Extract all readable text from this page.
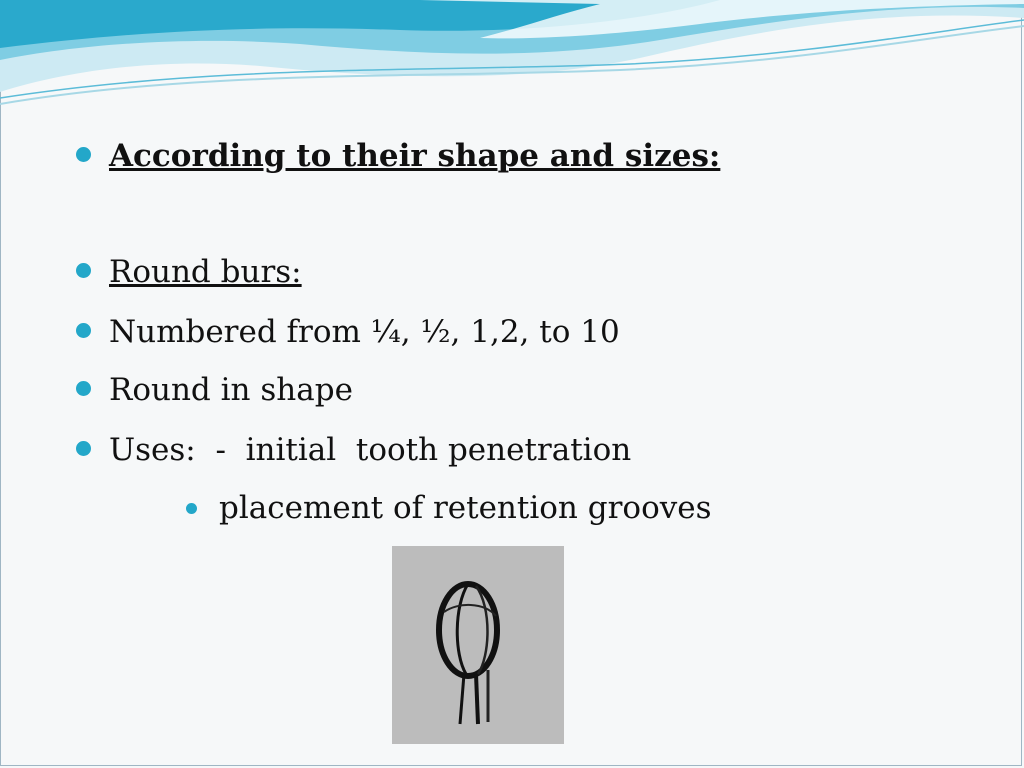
According to their shape and sizes:
Round burs:
Numbered from ¼, ½, 1,2, to 10
Round in shape
Uses:  -  initial  tooth penetration
placement of retention grooves
